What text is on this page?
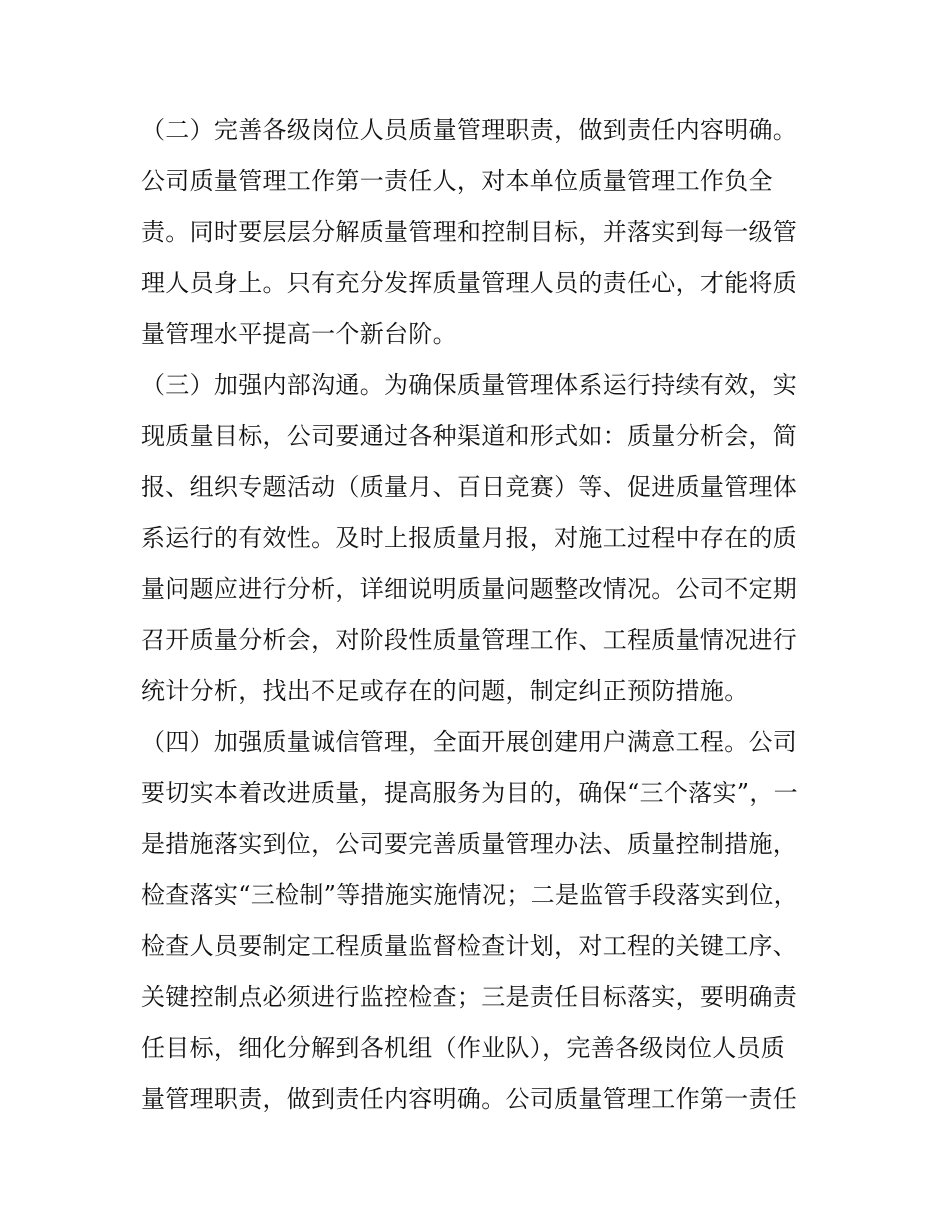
（二）完善各级岗位人员质量管理职责，做到责任内容明确。
公司质量管理工作第一责任人，对本单位质量管理工作负全
责。同时要层层分解质量管理和控制目标，并落实到每一级管
理人员身上。只有充分发挥质量管理人员的责任心，才能将质
量管理水平提高一个新台阶。
（三）加强内部沟通。为确保质量管理体系运行持续有效，实
现质量目标，公司要通过各种渠道和形式如：质量分析会，简
报、组织专题活动（质量月、百日竞赛）等、促进质量管理体
系运行的有效性。及时上报质量月报，对施工过程中存在的质
量问题应进行分析，详细说明质量问题整改情况。公司不定期
召开质量分析会，对阶段性质量管理工作、工程质量情况进行
统计分析，找出不足或存在的问题，制定纠正预防措施。
（四）加强质量诚信管理，全面开展创建用户满意工程。公司
要切实本着改进质量，提高服务为目的，确保“三个落实”，一
是措施落实到位，公司要完善质量管理办法、质量控制措施，
检查落实“三检制”等措施实施情况；二是监管手段落实到位，
检查人员要制定工程质量监督检查计划，对工程的关键工序、
关键控制点必须进行监控检查；三是责任目标落实，要明确责
任目标，细化分解到各机组（作业队），完善各级岗位人员质
量管理职责，做到责任内容明确。公司质量管理工作第一责任
